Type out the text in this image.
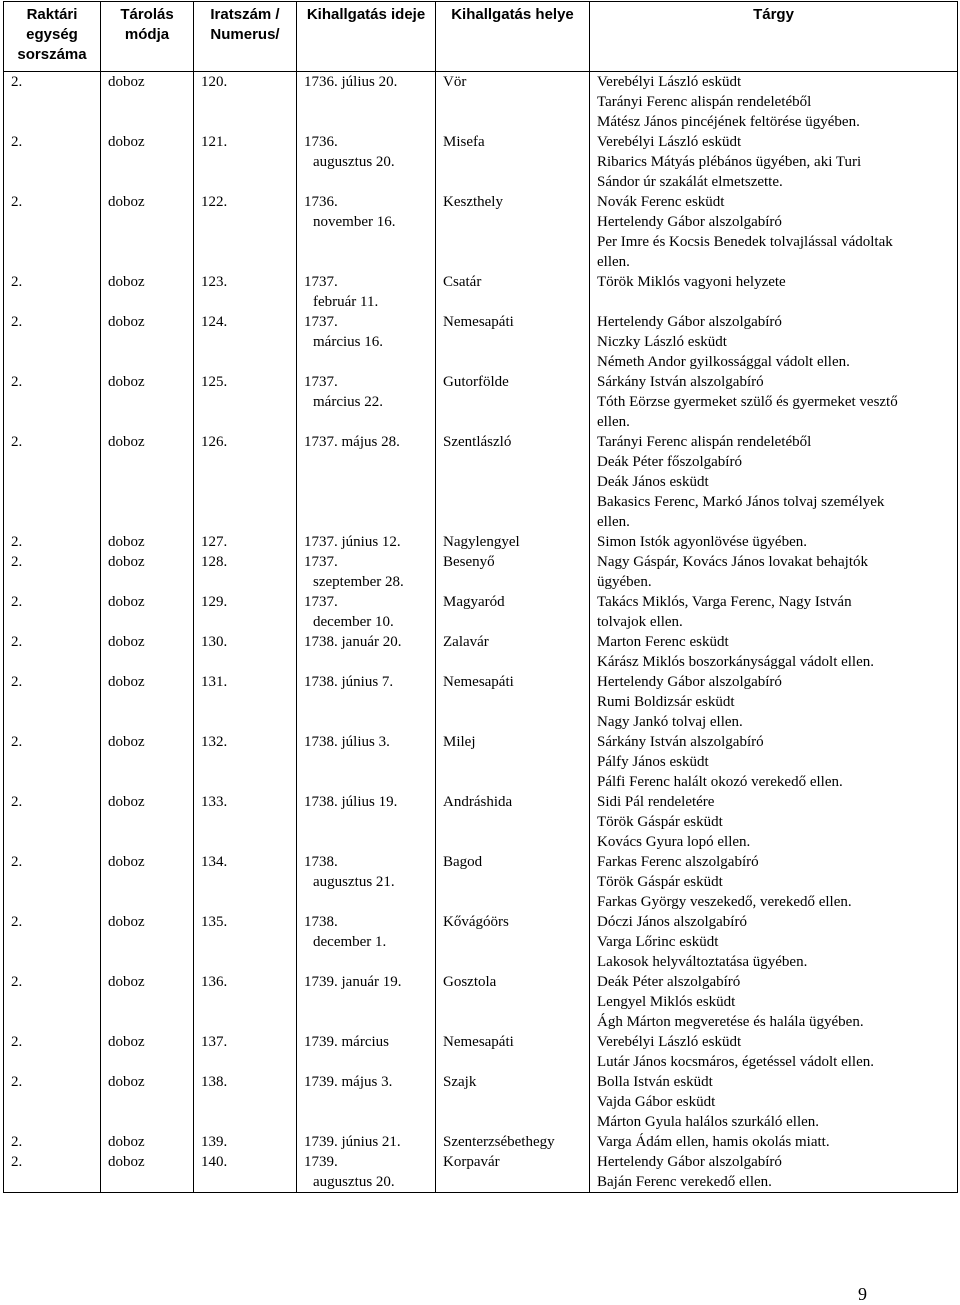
Raktári egység sorszáma	Tárolás módja	Iratszám / Numerus/	Kihallgatás ideje	Kihallgatás helye	Tárgy
2.	doboz	120.	1736. július 20.	Vör	Verebélyi László esküdt
Tarányi Ferenc alispán rendeletéből
Mátész János pincéjének feltörése ügyében.

2.	doboz	121.	1736.
augusztus 20.	Misefa	Verebélyi László esküdt
Ribarics Mátyás plébános ügyében, aki Turi
Sándor úr szakálát elmetszette.

2.	doboz	122.	1736.
november 16.	Keszthely	Novák Ferenc esküdt
Hertelendy Gábor alszolgabíró
Per Imre és Kocsis Benedek tolvajlással vádoltak
ellen.

2.	doboz	123.	1737.
február 11.	Csatár	Török Miklós vagyoni helyzete

2.	doboz	124.	1737.
március 16.	Nemesapáti	Hertelendy Gábor alszolgabíró
Niczky László esküdt
Németh Andor gyilkossággal vádolt ellen.

2.	doboz	125.	1737.
március 22.	Gutorfölde	Sárkány István alszolgabíró
Tóth Eörzse gyermeket szülő és gyermeket vesztő
ellen.

2.	doboz	126.	1737. május 28.	Szentlászló	Tarányi Ferenc alispán rendeletéből
Deák Péter főszolgabíró
Deák János esküdt
Bakasics Ferenc, Markó János tolvaj személyek
ellen.

2.	doboz	127.	1737. június 12.	Nagylengyel	Simon Istók agyonlövése ügyében.

2.	doboz	128.	1737.
szeptember 28.	Besenyő	Nagy Gáspár, Kovács János lovakat behajtók
ügyében.

2.	doboz	129.	1737.
december 10.	Magyaród	Takács Miklós, Varga Ferenc, Nagy István
tolvajok ellen.

2.	doboz	130.	1738. január 20.	Zalavár	Marton Ferenc esküdt
Kárász Miklós boszorkánysággal vádolt ellen.

2.	doboz	131.	1738. június 7.	Nemesapáti	Hertelendy Gábor alszolgabíró
Rumi Boldizsár esküdt
Nagy Jankó tolvaj ellen.

2.	doboz	132.	1738. július 3.	Milej	Sárkány István alszolgabíró
Pálfy János esküdt
Pálfi Ferenc halált okozó verekedő ellen.

2.	doboz	133.	1738. július 19.	Andráshida	Sidi Pál rendeletére
Török Gáspár esküdt
Kovács Gyura lopó ellen.

2.	doboz	134.	1738.
augusztus 21.	Bagod	Farkas Ferenc alszolgabíró
Török Gáspár esküdt
Farkas György veszekedő, verekedő ellen.

2.	doboz	135.	1738.
december 1.	Kővágóörs	Dóczi János alszolgabíró
Varga Lőrinc esküdt
Lakosok helyváltoztatása ügyében.

2.	doboz	136.	1739. január 19.	Gosztola	Deák Péter alszolgabíró
Lengyel Miklós esküdt
Ágh Márton megveretése és halála ügyében.

2.	doboz	137.	1739. március	Nemesapáti	Verebélyi László esküdt
Lutár János kocsmáros, égetéssel vádolt ellen.

2.	doboz	138.	1739. május 3.	Szajk	Bolla István esküdt
Vajda Gábor esküdt
Márton Gyula halálos szurkáló ellen.

2.	doboz	139.	1739. június 21.	Szenterzsébethegy	Varga Ádám ellen, hamis okolás miatt.

2.	doboz	140.	1739.
augusztus 20.	Korpavár	Hertelendy Gábor alszolgabíró
Baján Ferenc verekedő ellen.
9
